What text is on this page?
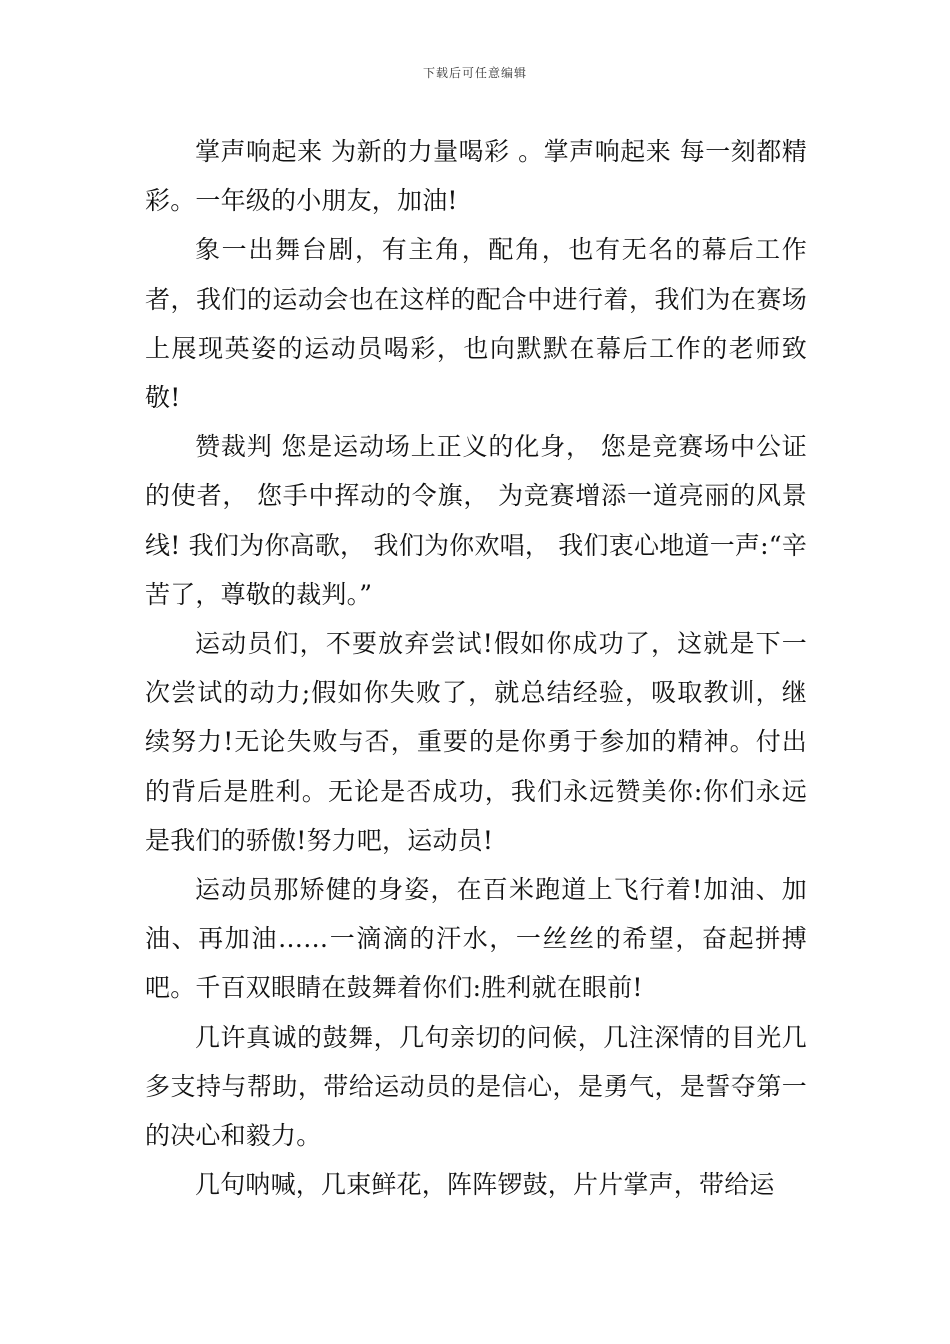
下载后可任意编辑

掌声响起来 为新的力量喝彩 。掌声响起来 每一刻都精彩。一年级的小朋友，加油!

象一出舞台剧，有主角，配角，也有无名的幕后工作者，我们的运动会也在这样的配合中进行着，我们为在赛场上展现英姿的运动员喝彩，也向默默在幕后工作的老师致敬!

赞裁判 您是运动场上正义的化身， 您是竞赛场中公证的使者， 您手中挥动的令旗， 为竞赛增添一道亮丽的风景线! 我们为你高歌， 我们为你欢唱， 我们衷心地道一声:“辛苦了，尊敬的裁判。”

运动员们，不要放弃尝试!假如你成功了，这就是下一次尝试的动力;假如你失败了，就总结经验，吸取教训，继续努力!无论失败与否，重要的是你勇于参加的精神。付出的背后是胜利。无论是否成功，我们永远赞美你:你们永远是我们的骄傲!努力吧，运动员!

运动员那矫健的身姿，在百米跑道上飞行着!加油、加油、再加油……一滴滴的汗水，一丝丝的希望，奋起拼搏吧。千百双眼睛在鼓舞着你们:胜利就在眼前!

几许真诚的鼓舞，几句亲切的问候，几注深情的目光几多支持与帮助，带给运动员的是信心，是勇气，是誓夺第一的决心和毅力。

几句呐喊，几束鲜花，阵阵锣鼓，片片掌声，带给运
